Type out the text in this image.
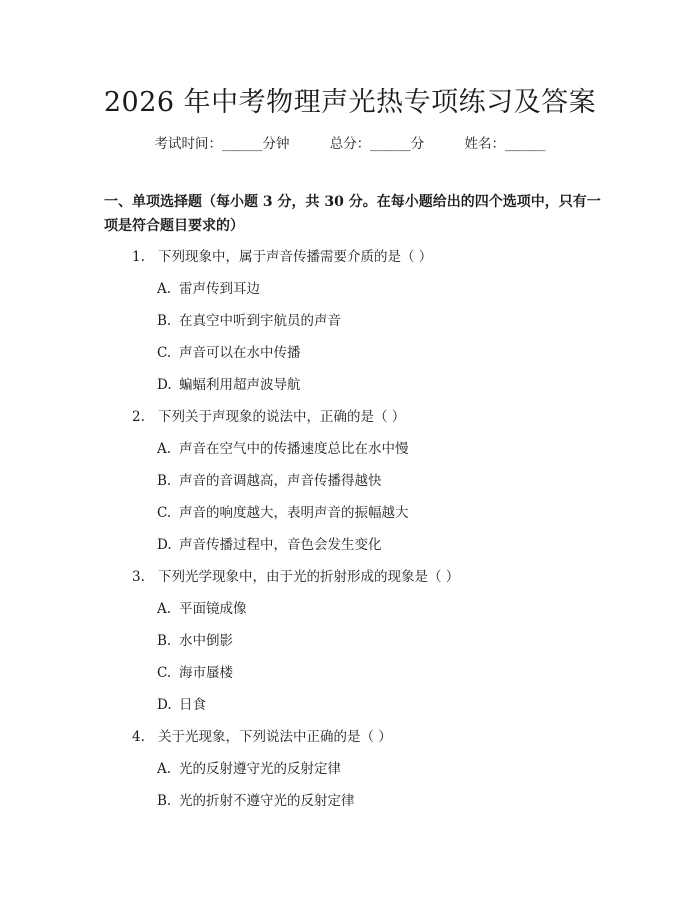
2026 年中考物理声光热专项练习及答案
考试时间：______分钟	总分：______分	姓名：______
一、单项选择题（每小题 3 分，共 30 分。在每小题给出的四个选项中，只有一项是符合题目要求的）
1. 下列现象中，属于声音传播需要介质的是（ ）
A. 雷声传到耳边
B. 在真空中听到宇航员的声音
C. 声音可以在水中传播
D. 蝙蝠利用超声波导航
2. 下列关于声现象的说法中，正确的是（ ）
A. 声音在空气中的传播速度总比在水中慢
B. 声音的音调越高，声音传播得越快
C. 声音的响度越大，表明声音的振幅越大
D. 声音传播过程中，音色会发生变化
3. 下列光学现象中，由于光的折射形成的现象是（ ）
A. 平面镜成像
B. 水中倒影
C. 海市蜃楼
D. 日食
4. 关于光现象，下列说法中正确的是（ ）
A. 光的反射遵守光的反射定律
B. 光的折射不遵守光的反射定律
